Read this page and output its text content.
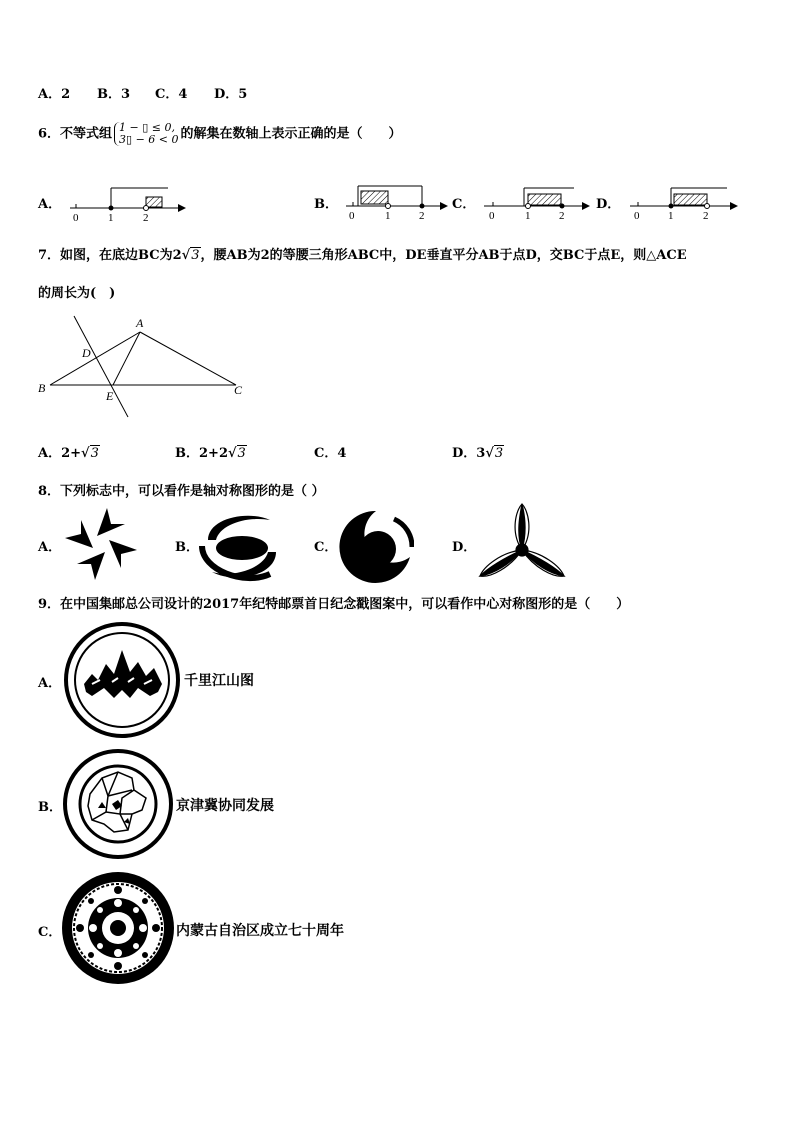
A．2 B．3 C．4 D．5
6．不等式组 1 − ▯ ≤ 0,
3▯ − 6 < 0 的解集在数轴上表示正确的是（　　）
A．	B．	C．	D．
0	1	2	0	1	2	0	1	2	0	1	2
7．如图，在底边BC为2√3，腰AB为2的等腰三角形ABC中，DE垂直平分AB于点D，交BC于点E，则△ACE
的周长为(　)
A
D
B
E	C
A．2+√3	B．2+2√3	C．4	D．3√3
8．下列标志中，可以看作是轴对称图形的是（ ）
A．	B．	C．	D．
9．在中国集邮总公司设计的2017年纪特邮票首日纪念戳图案中，可以看作中心对称图形的是（　　）
A．	千里江山图
B．	京津冀协同发展
C．	内蒙古自治区成立七十周年
